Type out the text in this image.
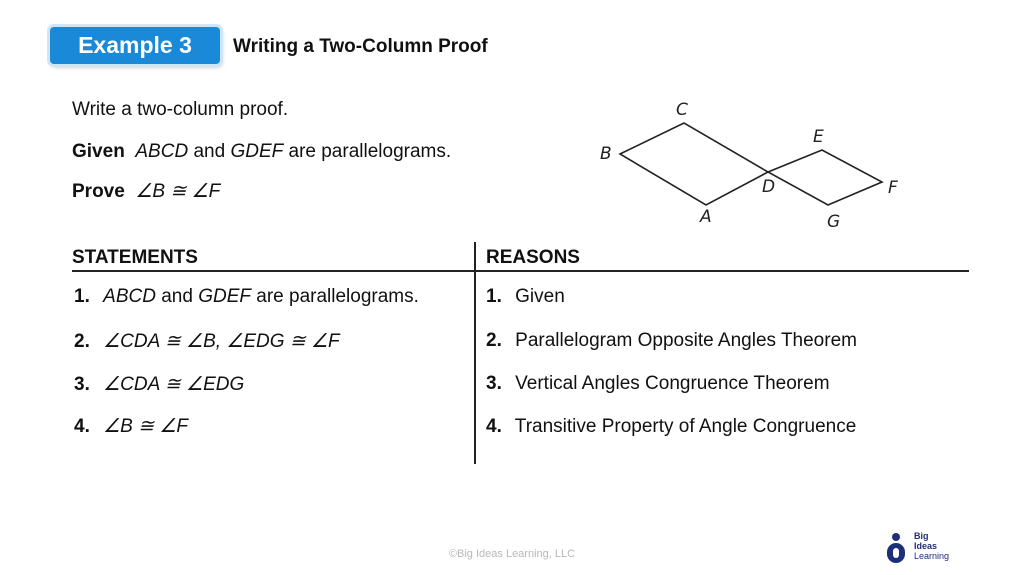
Example 3	Writing a Two-Column Proof
Write a two-column proof.
Given ABCD and GDEF are parallelograms.
Prove ∠B ≅ ∠F
C
B
A
D
E
F
G
STATEMENTS	REASONS
1. ABCD and GDEF are parallelograms.	1. Given
2. ∠CDA ≅ ∠B, ∠EDG ≅ ∠F	2. Parallelogram Opposite Angles Theorem
3. ∠CDA ≅ ∠EDG	3. Vertical Angles Congruence Theorem
4. ∠B ≅ ∠F	4. Transitive Property of Angle Congruence
©Big Ideas Learning, LLC
Big
Ideas
Learning
